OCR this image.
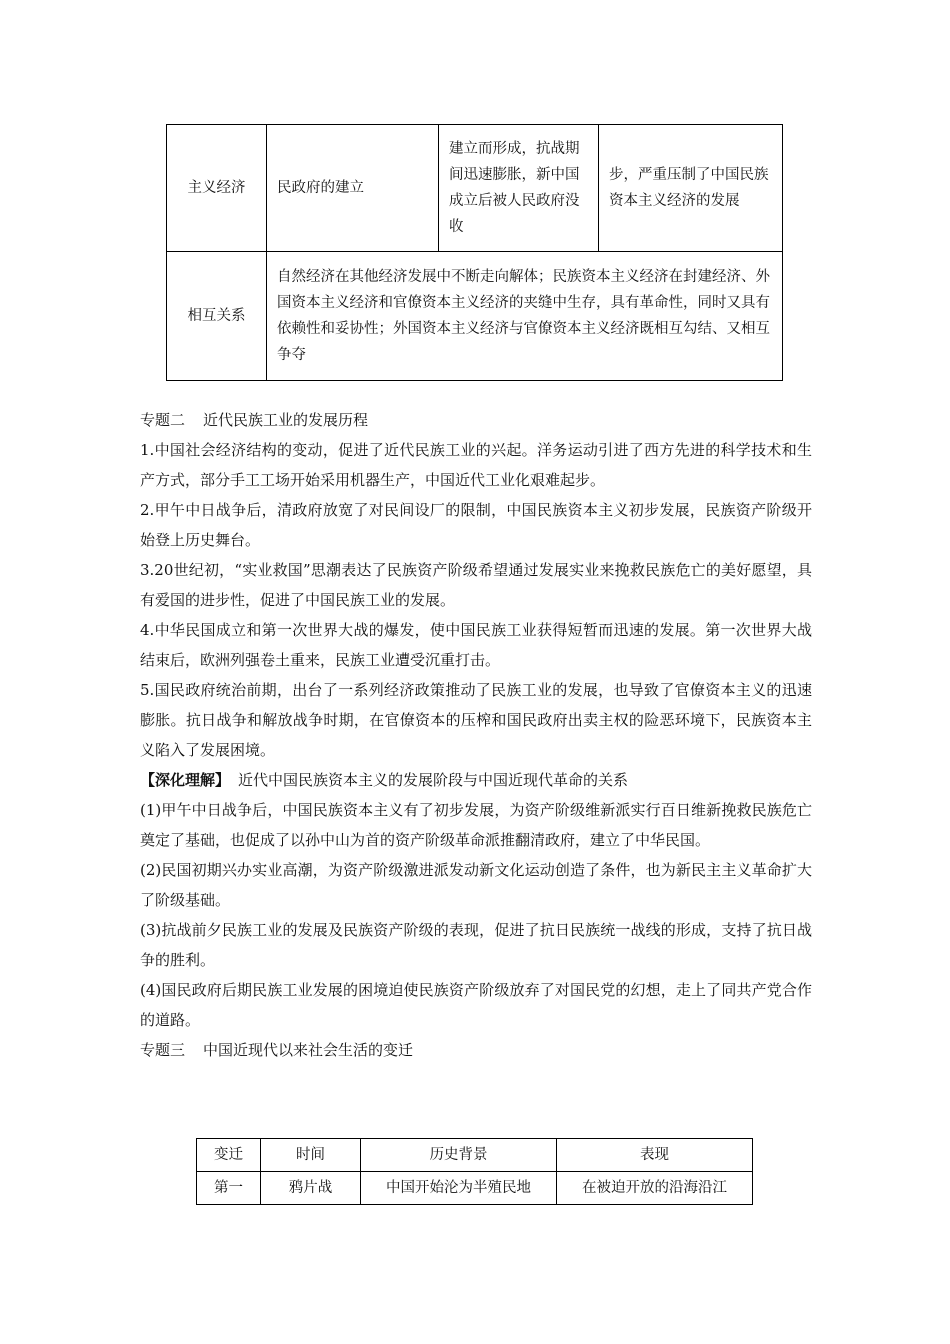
主义经济	民政府的建立	建立而形成，抗战期间迅速膨胀，新中国成立后被人民政府没收	步，严重压制了中国民族资本主义经济的发展
相互关系	自然经济在其他经济发展中不断走向解体；民族资本主义经济在封建经济、外国资本主义经济和官僚资本主义经济的夹缝中生存，具有革命性，同时又具有依赖性和妥协性；外国资本主义经济与官僚资本主义经济既相互勾结、又相互争夺		

专题二 近代民族工业的发展历程

1.中国社会经济结构的变动，促进了近代民族工业的兴起。洋务运动引进了西方先进的科学技术和生产方式，部分手工工场开始采用机器生产，中国近代工业化艰难起步。

2.甲午中日战争后，清政府放宽了对民间设厂的限制，中国民族资本主义初步发展，民族资产阶级开始登上历史舞台。

3.20世纪初，“实业救国”思潮表达了民族资产阶级希望通过发展实业来挽救民族危亡的美好愿望，具有爱国的进步性，促进了中国民族工业的发展。

4.中华民国成立和第一次世界大战的爆发，使中国民族工业获得短暂而迅速的发展。第一次世界大战结束后，欧洲列强卷土重来，民族工业遭受沉重打击。

5.国民政府统治前期，出台了一系列经济政策推动了民族工业的发展，也导致了官僚资本主义的迅速膨胀。抗日战争和解放战争时期，在官僚资本的压榨和国民政府出卖主权的险恶环境下，民族资本主义陷入了发展困境。

【深化理解】 近代中国民族资本主义的发展阶段与中国近现代革命的关系

(1)甲午中日战争后，中国民族资本主义有了初步发展，为资产阶级维新派实行百日维新挽救民族危亡奠定了基础，也促成了以孙中山为首的资产阶级革命派推翻清政府，建立了中华民国。

(2)民国初期兴办实业高潮，为资产阶级激进派发动新文化运动创造了条件，也为新民主主义革命扩大了阶级基础。

(3)抗战前夕民族工业的发展及民族资产阶级的表现，促进了抗日民族统一战线的形成，支持了抗日战争的胜利。

(4)国民政府后期民族工业发展的困境迫使民族资产阶级放弃了对国民党的幻想，走上了同共产党合作的道路。

专题三 中国近现代以来社会生活的变迁

变迁	时间	历史背景	表现
第一	鸦片战	中国开始沦为半殖民地	在被迫开放的沿海沿江
